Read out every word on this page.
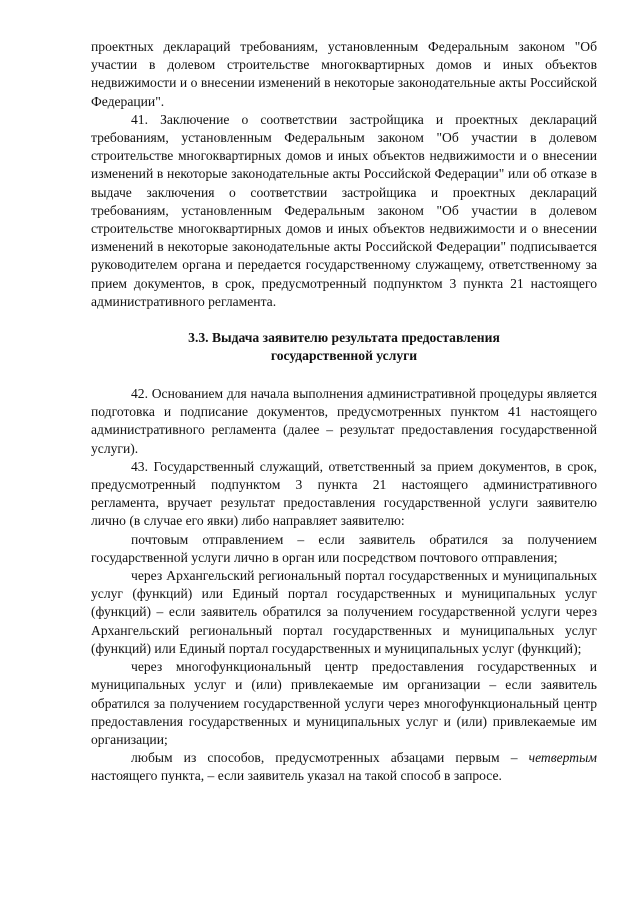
проектных деклараций требованиям, установленным Федеральным законом "Об участии в долевом строительстве многоквартирных домов и иных объектов недвижимости и о внесении изменений в некоторые законодательные акты Российской Федерации".

41. Заключение о соответствии застройщика и проектных деклараций требованиям, установленным Федеральным законом "Об участии в долевом строительстве многоквартирных домов и иных объектов недвижимости и о внесении изменений в некоторые законодательные акты Российской Федерации" или об отказе в выдаче заключения о соответствии застройщика и проектных деклараций требованиям, установленным Федеральным законом "Об участии в долевом строительстве многоквартирных домов и иных объектов недвижимости и о внесении изменений в некоторые законодательные акты Российской Федерации" подписывается руководителем органа и передается государственному служащему, ответственному за прием документов, в срок, предусмотренный подпунктом 3 пункта 21 настоящего административного регламента.

3.3. Выдача заявителю результата предоставления
государственной услуги

42. Основанием для начала выполнения административной процедуры является подготовка и подписание документов, предусмотренных пунктом 41 настоящего административного регламента (далее – результат предоставления государственной услуги).

43. Государственный служащий, ответственный за прием документов, в срок, предусмотренный подпунктом 3 пункта 21 настоящего административного регламента, вручает результат предоставления государственной услуги заявителю лично (в случае его явки) либо направляет заявителю:

почтовым отправлением – если заявитель обратился за получением государственной услуги лично в орган или посредством почтового отправления;

через Архангельский региональный портал государственных и муниципальных услуг (функций) или Единый портал государственных и муниципальных услуг (функций) – если заявитель обратился за получением государственной услуги через Архангельский региональный портал государственных и муниципальных услуг (функций) или Единый портал государственных и муниципальных услуг (функций);

через многофункциональный центр предоставления государственных и муниципальных услуг и (или) привлекаемые им организации – если заявитель обратился за получением государственной услуги через многофункциональный центр предоставления государственных и муниципальных услуг и (или) привлекаемые им организации;

любым из способов, предусмотренных абзацами первым – четвертым настоящего пункта, – если заявитель указал на такой способ в запросе.
